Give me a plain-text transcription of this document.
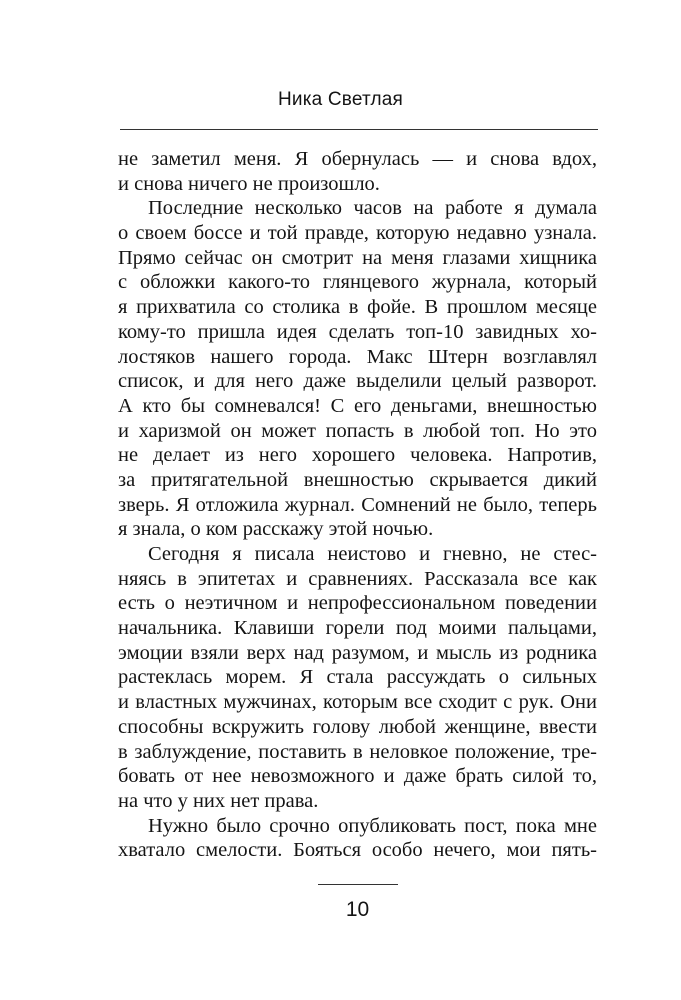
Ника Светлая
не заметил меня. Я обернулась — и снова вдох,
и снова ничего не произошло.
Последние несколько часов на работе я думала
о своем боссе и той правде, которую недавно узнала.
Прямо сейчас он смотрит на меня глазами хищника
с обложки какого-то глянцевого журнала, который
я прихватила со столика в фойе. В прошлом месяце
кому-то пришла идея сделать топ-10 завидных хо-
лостяков нашего города. Макс Штерн возглавлял
список, и для него даже выделили целый разворот.
А кто бы сомневался! С его деньгами, внешностью
и харизмой он может попасть в любой топ. Но это
не делает из него хорошего человека. Напротив,
за притягательной внешностью скрывается дикий
зверь. Я отложила журнал. Сомнений не было, теперь
я знала, о ком расскажу этой ночью.
Сегодня я писала неистово и гневно, не стес-
няясь в эпитетах и сравнениях. Рассказала все как
есть о неэтичном и непрофессиональном поведении
начальника. Клавиши горели под моими пальцами,
эмоции взяли верх над разумом, и мысль из родника
растеклась морем. Я стала рассуждать о сильных
и властных мужчинах, которым все сходит с рук. Они
способны вскружить голову любой женщине, ввести
в заблуждение, поставить в неловкое положение, тре-
бовать от нее невозможного и даже брать силой то,
на что у них нет права.
Нужно было срочно опубликовать пост, пока мне
хватало смелости. Бояться особо нечего, мои пять-
10
